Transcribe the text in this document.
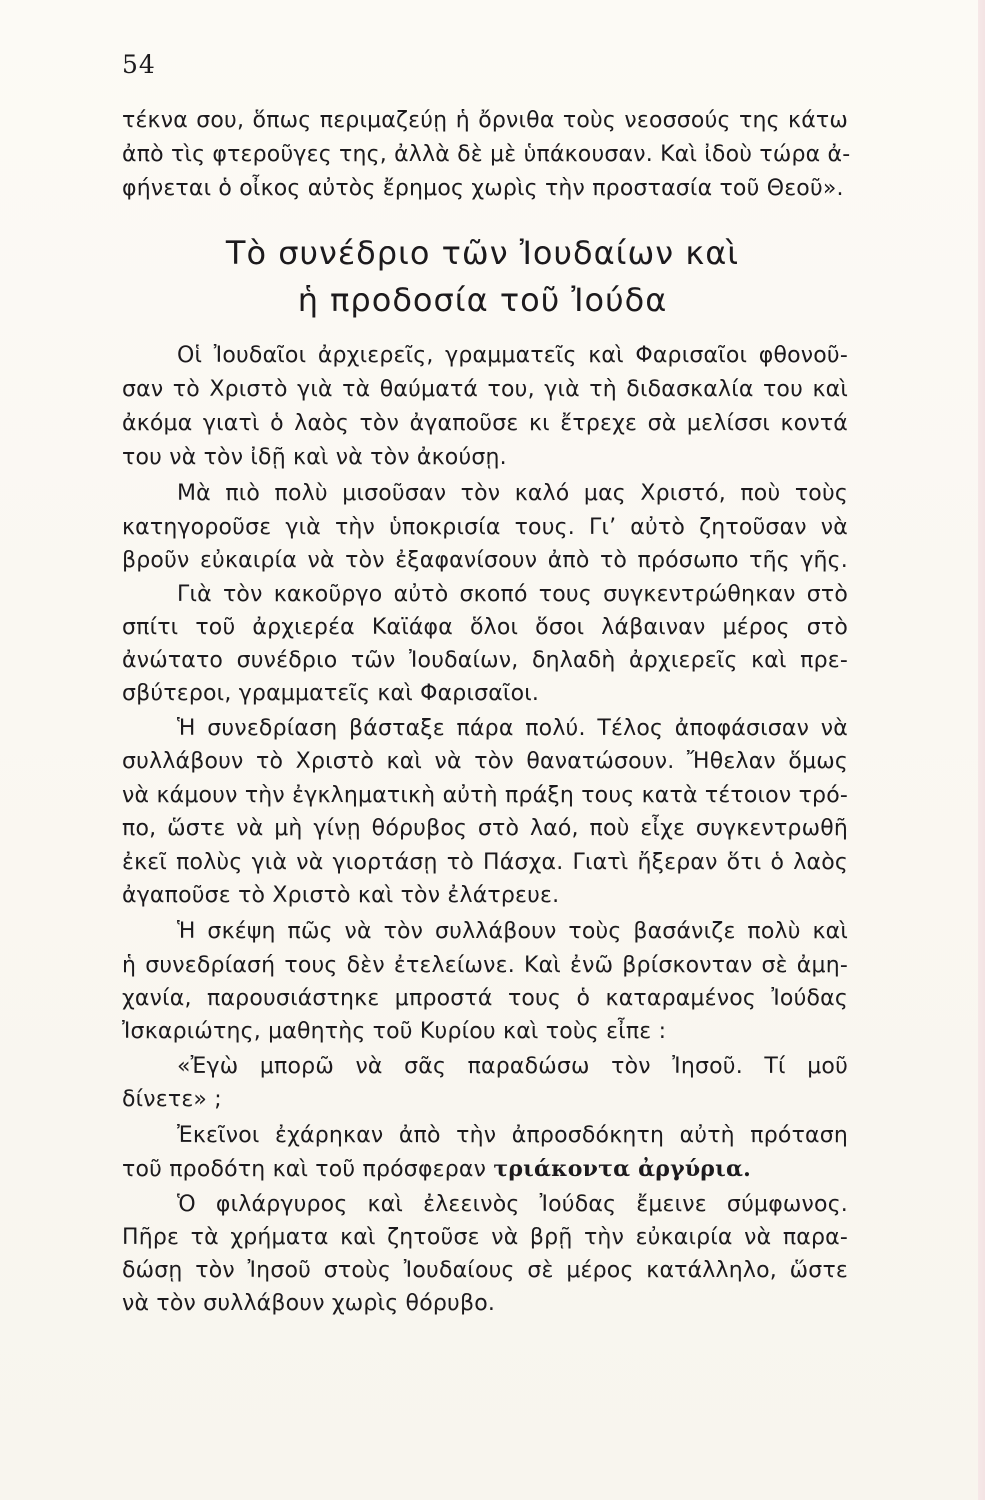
54
τέκνα σου, ὅπως περιμαζεύῃ ἡ ὄρνιθα τοὺς νεοσσούς της κάτω
ἀπὸ τὶς φτεροῦγες της, ἀλλὰ δὲ μὲ ὑπάκουσαν. Καὶ ἰδοὺ τώρα ἀ-
φήνεται ὁ οἶκος αὐτὸς ἔρημος χωρὶς τὴν προστασία τοῦ Θεοῦ».
Τὸ συνέδριο τῶν Ἰουδαίων καὶ
ἡ προδοσία τοῦ Ἰούδα
Οἱ Ἰουδαῖοι ἀρχιερεῖς, γραμματεῖς καὶ Φαρισαῖοι φθονοῦ-
σαν τὸ Χριστὸ γιὰ τὰ θαύματά του, γιὰ τὴ διδασκαλία του καὶ
ἀκόμα γιατὶ ὁ λαὸς τὸν ἀγαποῦσε κι ἔτρεχε σὰ μελίσσι κοντά
του νὰ τὸν ἰδῇ καὶ νὰ τὸν ἀκούσῃ.
Μὰ πιὸ πολὺ μισοῦσαν τὸν καλό μας Χριστό, ποὺ τοὺς
κατηγοροῦσε γιὰ τὴν ὑποκρισία τους. Γι’ αὐτὸ ζητοῦσαν νὰ
βροῦν εὐκαιρία νὰ τὸν ἐξαφανίσουν ἀπὸ τὸ πρόσωπο τῆς γῆς.
Γιὰ τὸν κακοῦργο αὐτὸ σκοπό τους συγκεντρώθηκαν στὸ
σπίτι τοῦ ἀρχιερέα Καϊάφα ὅλοι ὅσοι λάβαιναν μέρος στὸ
ἀνώτατο συνέδριο τῶν Ἰουδαίων, δηλαδὴ ἀρχιερεῖς καὶ πρε-
σβύτεροι, γραμματεῖς καὶ Φαρισαῖοι.
Ἡ συνεδρίαση βάσταξε πάρα πολύ. Τέλος ἀποφάσισαν νὰ
συλλάβουν τὸ Χριστὸ καὶ νὰ τὸν θανατώσουν. Ἤθελαν ὅμως
νὰ κάμουν τὴν ἐγκληματικὴ αὐτὴ πράξη τους κατὰ τέτοιον τρό-
πο, ὥστε νὰ μὴ γίνῃ θόρυβος στὸ λαό, ποὺ εἶχε συγκεντρωθῆ
ἐκεῖ πολὺς γιὰ νὰ γιορτάσῃ τὸ Πάσχα. Γιατὶ ἤξεραν ὅτι ὁ λαὸς
ἀγαποῦσε τὸ Χριστὸ καὶ τὸν ἐλάτρευε.
Ἡ σκέψη πῶς νὰ τὸν συλλάβουν τοὺς βασάνιζε πολὺ καὶ
ἡ συνεδρίασή τους δὲν ἐτελείωνε. Καὶ ἐνῶ βρίσκονταν σὲ ἀμη-
χανία, παρουσιάστηκε μπροστά τους ὁ καταραμένος Ἰούδας
Ἰσκαριώτης, μαθητὴς τοῦ Κυρίου καὶ τοὺς εἶπε :
«Ἐγὼ μπορῶ νὰ σᾶς παραδώσω τὸν Ἰησοῦ. Τί μοῦ
δίνετε» ;
Ἐκεῖνοι ἐχάρηκαν ἀπὸ τὴν ἀπροσδόκητη αὐτὴ πρόταση
τοῦ προδότη καὶ τοῦ πρόσφεραν τριάκοντα ἀργύρια.
Ὁ φιλάργυρος καὶ ἐλεεινὸς Ἰούδας ἔμεινε σύμφωνος.
Πῆρε τὰ χρήματα καὶ ζητοῦσε νὰ βρῇ τὴν εὐκαιρία νὰ παρα-
δώσῃ τὸν Ἰησοῦ στοὺς Ἰουδαίους σὲ μέρος κατάλληλο, ὥστε
νὰ τὸν συλλάβουν χωρὶς θόρυβο.
